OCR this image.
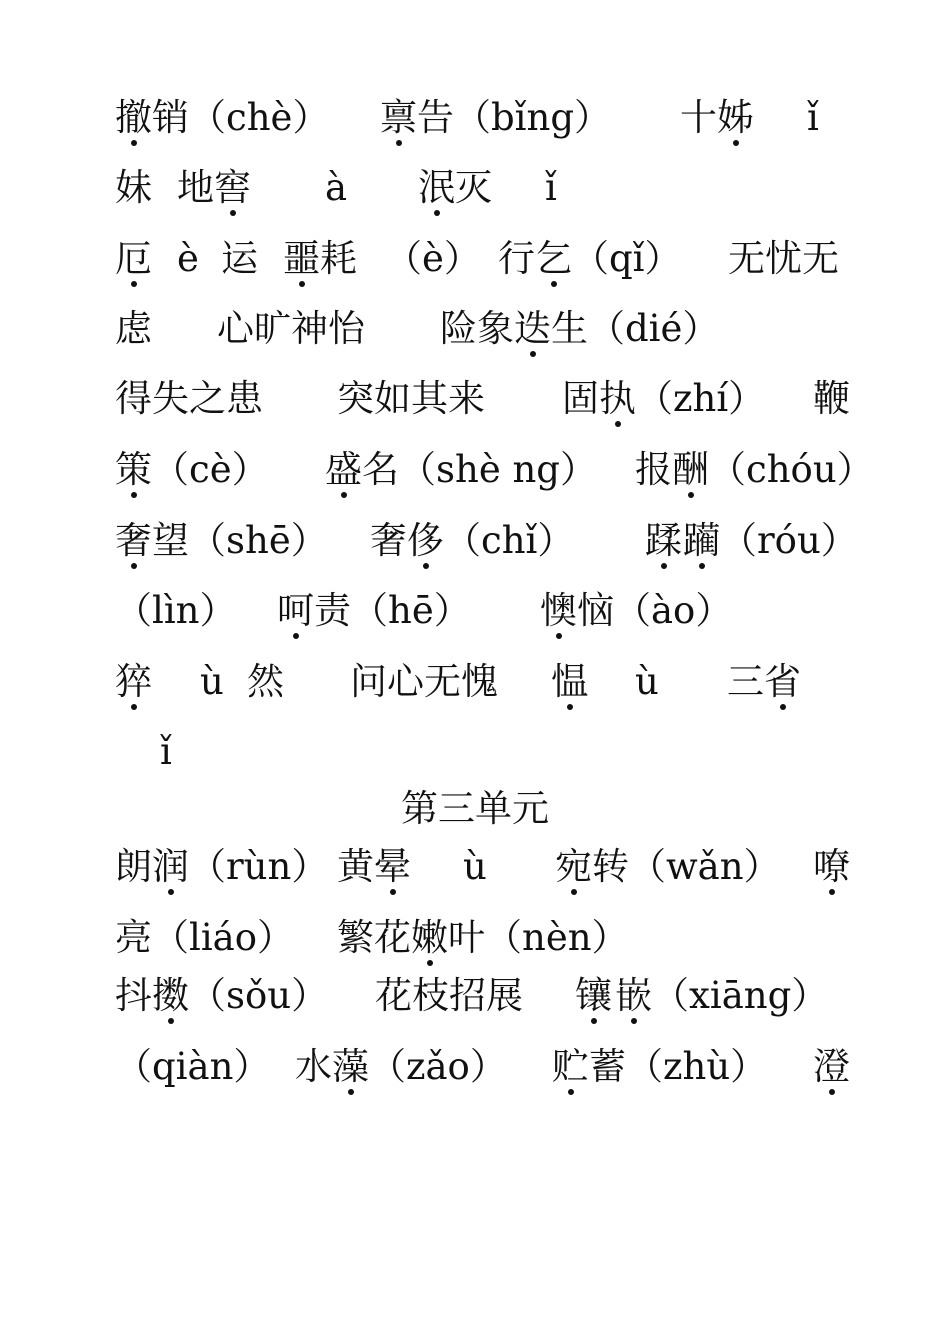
撤销（chè） 禀告（bǐng） 十姊 ǐ
妹 地窖 à 泯灭 ǐ
厄 è 运 噩耗 （è） 行乞（qǐ） 无忧无
虑 心旷神怡 险象迭生（dié）
得失之患 突如其来 固执（zhí） 鞭
策（cè） 盛名（shè ng） 报酬（chóu）
奢望（shē） 奢侈（chǐ） 蹂 躏（róu）
（lìn） 呵责（hē） 懊恼（ào）
猝 ù 然 问心无愧 愠 ù 三省
ǐ
朗润（rùn） 黄晕 ù 宛转（wǎn） 嘹
亮（liáo） 繁花嫩叶（nèn）
抖擞（sǒu） 花枝招展 镶 嵌（xiāng）
（qiàn） 水藻（zǎo） 贮蓄（zhù） 澄
第三单元
